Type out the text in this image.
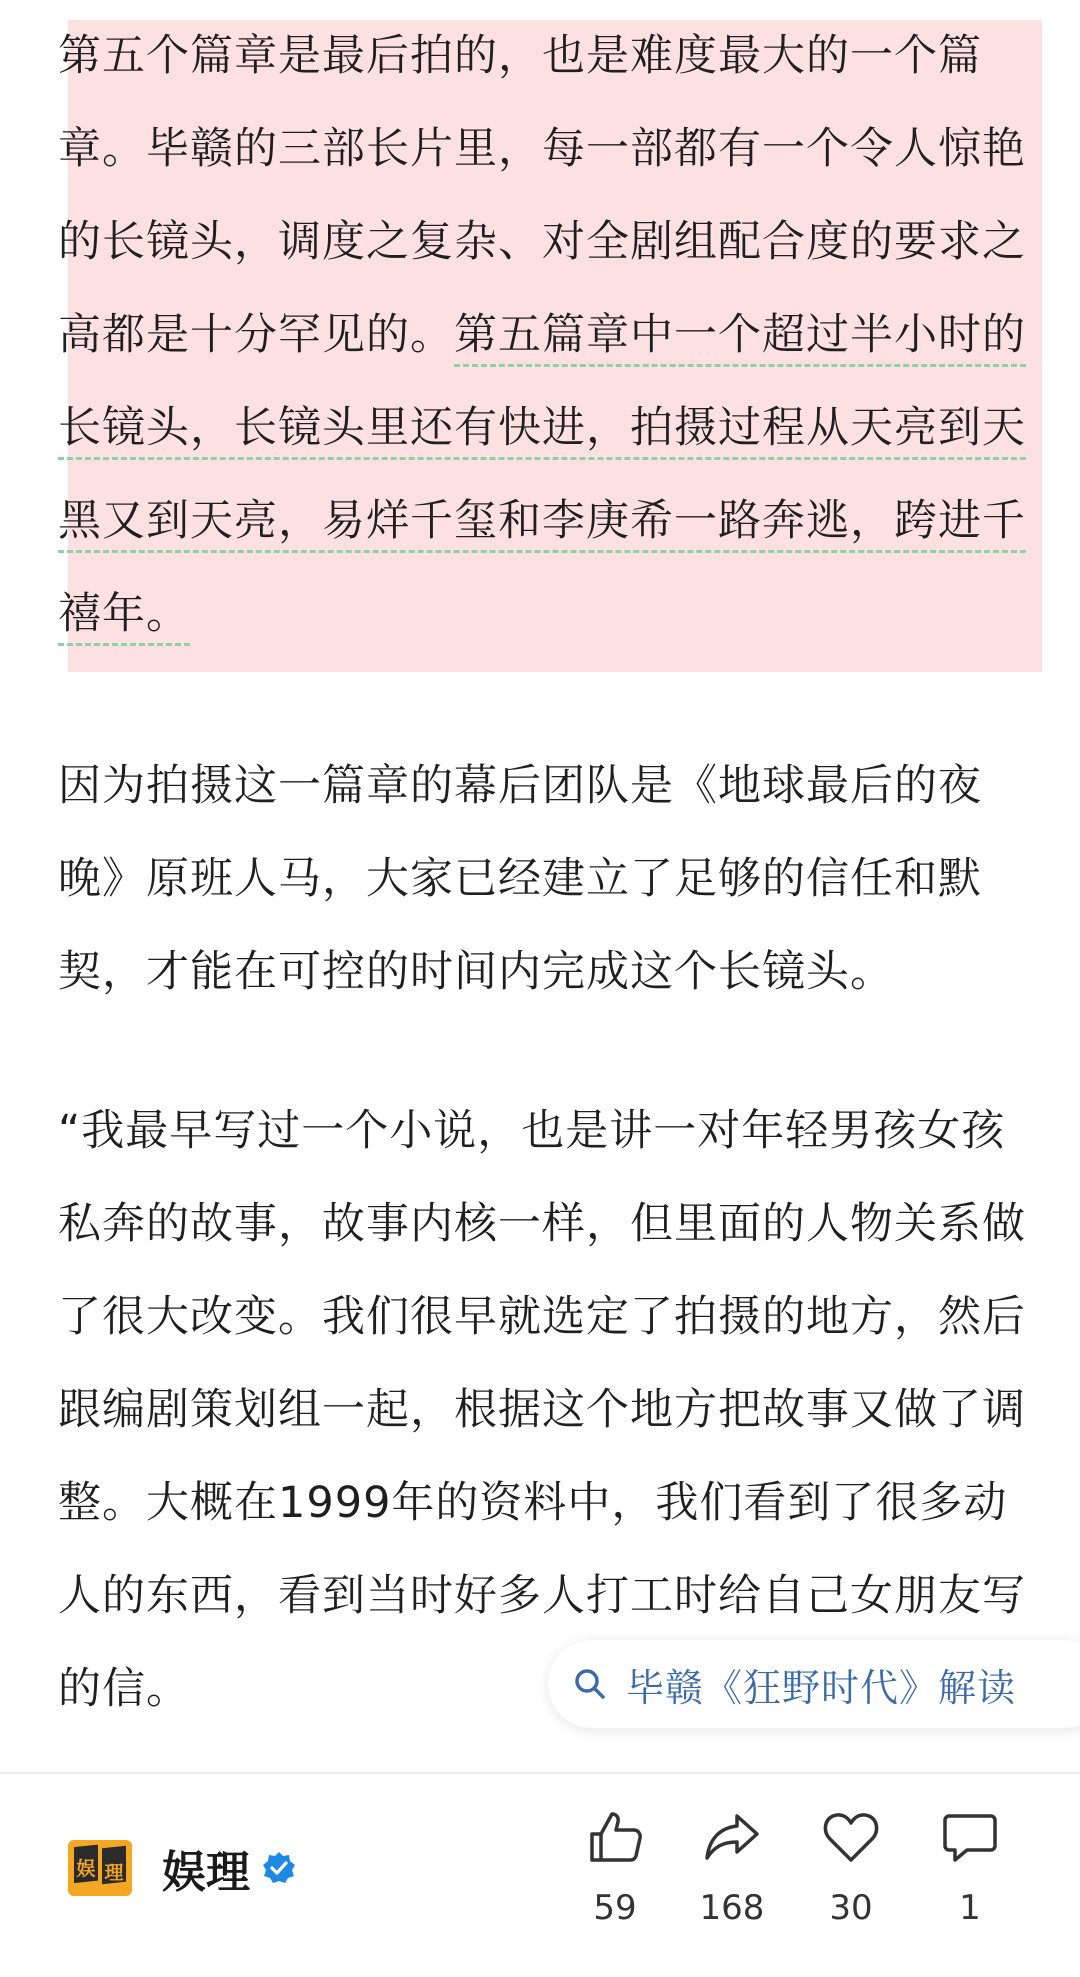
第五个篇章是最后拍的，也是难度最大的一个篇章。毕赣的三部长片里，每一部都有一个令人惊艳的长镜头，调度之复杂、对全剧组配合度的要求之高都是十分罕见的。第五篇章中一个超过半小时的长镜头，长镜头里还有快进，拍摄过程从天亮到天黑又到天亮，易烊千玺和李庚希一路奔逃，跨进千禧年。

因为拍摄这一篇章的幕后团队是《地球最后的夜晚》原班人马，大家已经建立了足够的信任和默契，才能在可控的时间内完成这个长镜头。

“我最早写过一个小说，也是讲一对年轻男孩女孩私奔的故事，故事内核一样，但里面的人物关系做了很大改变。我们很早就选定了拍摄的地方，然后跟编剧策划组一起，根据这个地方把故事又做了调整。大概在1999年的资料中，我们看到了很多动人的东西，看到当时好多人打工时给自己女朋友写的信。	毕赣《狂野时代》解读
娱 理 娱理
59	168	30	1
